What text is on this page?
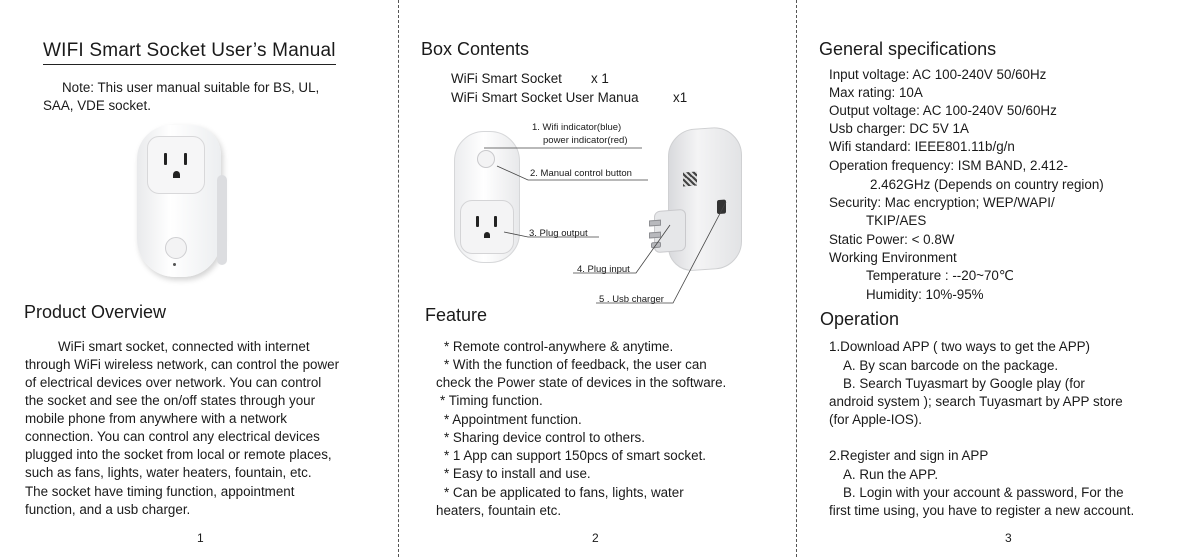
WIFI Smart Socket User’s Manual
Note: This user manual suitable for BS, UL,
SAA, VDE socket.
Product Overview
WiFi smart socket, connected with internet
through WiFi wireless network, can control the power
of electrical devices over network. You can control
the socket and see the on/off states through your
mobile phone from anywhere with a network
connection. You can control any electrical devices
plugged into the socket from local or remote places,
such as fans, lights, water heaters, fountain, etc.
The socket have timing function, appointment
function, and a usb charger.
1
Box Contents
WiFi Smart Socket x 1
WiFi Smart Socket User Manua	x1
1. Wifi indicator(blue)
power indicator(red)
2. Manual control button
3. Plug output
4. Plug input
5 . Usb charger
Feature
* Remote control-anywhere & anytime.
* With the function of feedback, the user can
check the Power state of devices in the software.
* Timing function.
* Appointment function.
* Sharing device control to others.
* 1 App can support 150pcs of smart socket.
* Easy to install and use.
* Can be applicated to fans, lights, water
heaters, fountain etc.
2
General specifications
Input voltage: AC 100-240V 50/60Hz
Max rating: 10A
Output voltage: AC 100-240V 50/60Hz
Usb charger: DC 5V 1A
Wifi standard: IEEE801.11b/g/n
Operation frequency: ISM BAND, 2.412-
2.462GHz (Depends on country region)
Security: Mac encryption; WEP/WAPI/
TKIP/AES
Static Power: < 0.8W
Working Environment
Temperature : --20~70℃
Humidity: 10%-95%
Operation
1.Download APP ( two ways to get the APP)
A. By scan barcode on the package.
B. Search Tuyasmart by Google play (for
android system ); search Tuyasmart by APP store
(for Apple-IOS).
2.Register and sign in APP
A. Run the APP.
B. Login with your account & password, For the
first time using, you have to register a new account.
3
